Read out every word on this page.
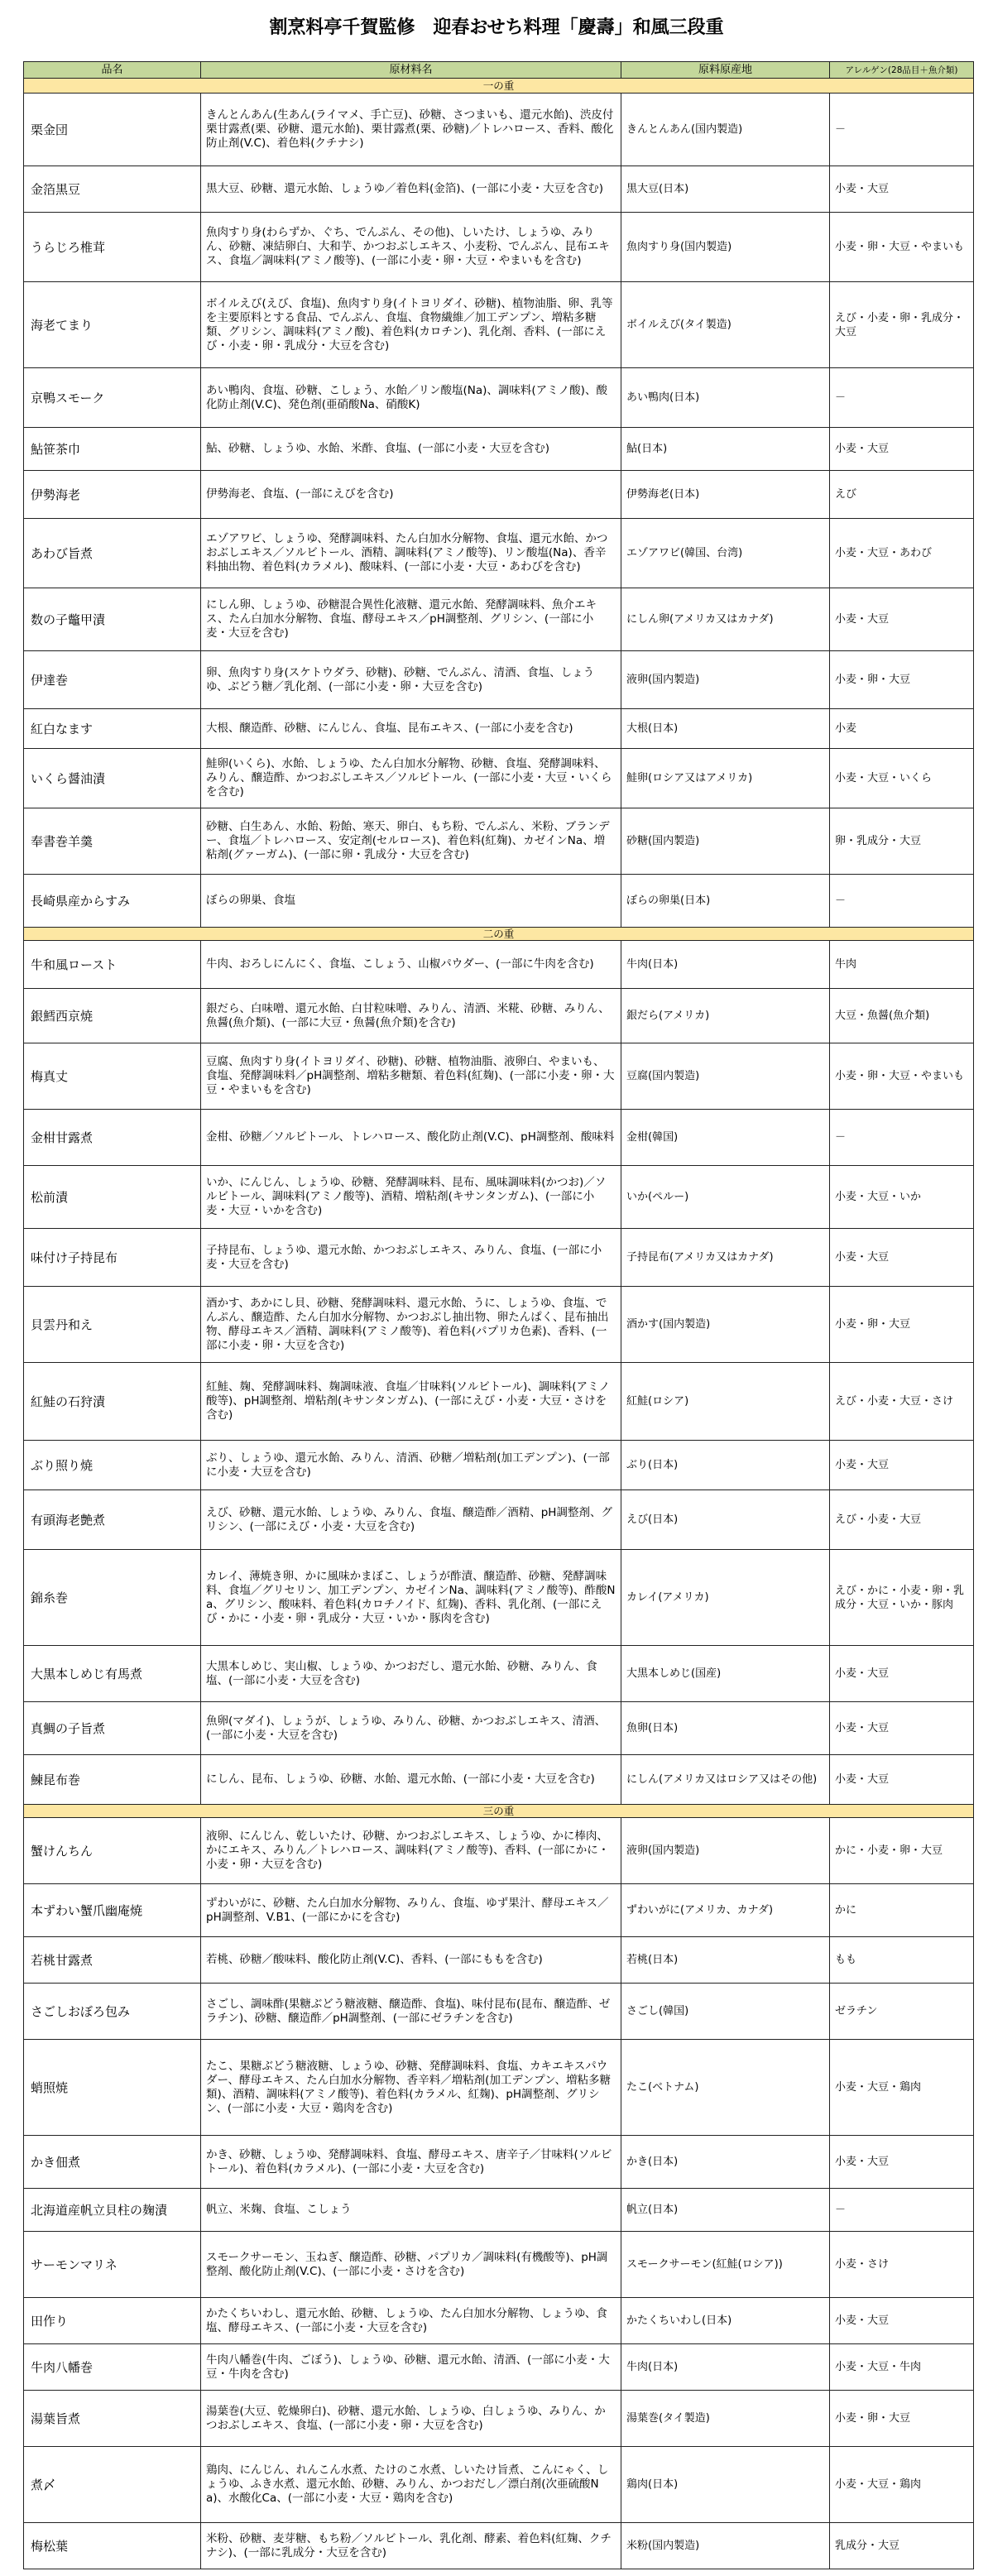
割烹料亭千賀監修　迎春おせち料理「慶壽」和風三段重
品名	原材料名	原料原産地	アレルゲン(28品目＋魚介類)
一の重			
栗金団	きんとんあん(生あん(ライマメ、手亡豆)、砂糖、さつまいも、還元水飴)、渋皮付栗甘露煮(栗、砂糖、還元水飴)、栗甘露煮(栗、砂糖)／トレハロース、香料、酸化防止剤(V.C)、着色料(クチナシ)	きんとんあん(国内製造)	－
金箔黒豆	黒大豆、砂糖、還元水飴、しょうゆ／着色料(金箔)、(一部に小麦・大豆を含む)	黒大豆(日本)	小麦・大豆
うらじろ椎茸	魚肉すり身(わらずか、ぐち、でんぷん、その他)、しいたけ、しょうゆ、みりん、砂糖、凍結卵白、大和芋、かつおぶしエキス、小麦粉、でんぷん、昆布エキス、食塩／調味料(アミノ酸等)、(一部に小麦・卵・大豆・やまいもを含む)	魚肉すり身(国内製造)	小麦・卵・大豆・やまいも
海老てまり	ボイルえび(えび、食塩)、魚肉すり身(イトヨリダイ、砂糖)、植物油脂、卵、乳等を主要原料とする食品、でんぷん、食塩、食物繊維／加工デンプン、増粘多糖類、グリシン、調味料(アミノ酸)、着色料(カロチン)、乳化剤、香料、(一部にえび・小麦・卵・乳成分・大豆を含む)	ボイルえび(タイ製造)	えび・小麦・卵・乳成分・大豆
京鴨スモーク	あい鴨肉、食塩、砂糖、こしょう、水飴／リン酸塩(Na)、調味料(アミノ酸)、酸化防止剤(V.C)、発色剤(亜硝酸Na、硝酸K)	あい鴨肉(日本)	－
鮎笹茶巾	鮎、砂糖、しょうゆ、水飴、米酢、食塩、(一部に小麦・大豆を含む)	鮎(日本)	小麦・大豆
伊勢海老	伊勢海老、食塩、(一部にえびを含む)	伊勢海老(日本)	えび
あわび旨煮	エゾアワビ、しょうゆ、発酵調味料、たん白加水分解物、食塩、還元水飴、かつおぶしエキス／ソルビトール、酒精、調味料(アミノ酸等)、リン酸塩(Na)、香辛料抽出物、着色料(カラメル)、酸味料、(一部に小麦・大豆・あわびを含む)	エゾアワビ(韓国、台湾)	小麦・大豆・あわび
数の子鼈甲漬	にしん卵、しょうゆ、砂糖混合異性化液糖、還元水飴、発酵調味料、魚介エキス、たん白加水分解物、食塩、酵母エキス／pH調整剤、グリシン、(一部に小麦・大豆を含む)	にしん卵(アメリカ又はカナダ)	小麦・大豆
伊達巻	卵、魚肉すり身(スケトウダラ、砂糖)、砂糖、でんぷん、清酒、食塩、しょうゆ、ぶどう糖／乳化剤、(一部に小麦・卵・大豆を含む)	液卵(国内製造)	小麦・卵・大豆
紅白なます	大根、醸造酢、砂糖、にんじん、食塩、昆布エキス、(一部に小麦を含む)	大根(日本)	小麦
いくら醤油漬	鮭卵(いくら)、水飴、しょうゆ、たん白加水分解物、砂糖、食塩、発酵調味料、みりん、醸造酢、かつおぶしエキス／ソルビトール、(一部に小麦・大豆・いくらを含む)	鮭卵(ロシア又はアメリカ)	小麦・大豆・いくら
奉書巻羊羹	砂糖、白生あん、水飴、粉飴、寒天、卵白、もち粉、でんぷん、米粉、ブランデー、食塩／トレハロース、安定剤(セルロース)、着色料(紅麹)、カゼインNa、増粘剤(グァーガム)、(一部に卵・乳成分・大豆を含む)	砂糖(国内製造)	卵・乳成分・大豆
長崎県産からすみ	ぼらの卵巣、食塩	ぼらの卵巣(日本)	－
二の重			
牛和風ロースト	牛肉、おろしにんにく、食塩、こしょう、山椒パウダー、(一部に牛肉を含む)	牛肉(日本)	牛肉
銀鱈西京焼	銀だら、白味噌、還元水飴、白甘粒味噌、みりん、清酒、米糀、砂糖、みりん、魚醤(魚介類)、(一部に大豆・魚醤(魚介類)を含む)	銀だら(アメリカ)	大豆・魚醤(魚介類)
梅真丈	豆腐、魚肉すり身(イトヨリダイ、砂糖)、砂糖、植物油脂、液卵白、やまいも、食塩、発酵調味料／pH調整剤、増粘多糖類、着色料(紅麹)、(一部に小麦・卵・大豆・やまいもを含む)	豆腐(国内製造)	小麦・卵・大豆・やまいも
金柑甘露煮	金柑、砂糖／ソルビトール、トレハロース、酸化防止剤(V.C)、pH調整剤、酸味料	金柑(韓国)	－
松前漬	いか、にんじん、しょうゆ、砂糖、発酵調味料、昆布、風味調味料(かつお)／ソルビトール、調味料(アミノ酸等)、酒精、増粘剤(キサンタンガム)、(一部に小麦・大豆・いかを含む)	いか(ペルー)	小麦・大豆・いか
味付け子持昆布	子持昆布、しょうゆ、還元水飴、かつおぶしエキス、みりん、食塩、(一部に小麦・大豆を含む)	子持昆布(アメリカ又はカナダ)	小麦・大豆
貝雲丹和え	酒かす、あかにし貝、砂糖、発酵調味料、還元水飴、うに、しょうゆ、食塩、でんぷん、醸造酢、たん白加水分解物、かつおぶし抽出物、卵たんぱく、昆布抽出物、酵母エキス／酒精、調味料(アミノ酸等)、着色料(パプリカ色素)、香料、(一部に小麦・卵・大豆を含む)	酒かす(国内製造)	小麦・卵・大豆
紅鮭の石狩漬	紅鮭、麹、発酵調味料、麹調味液、食塩／甘味料(ソルビトール)、調味料(アミノ酸等)、pH調整剤、増粘剤(キサンタンガム)、(一部にえび・小麦・大豆・さけを含む)	紅鮭(ロシア)	えび・小麦・大豆・さけ
ぶり照り焼	ぶり、しょうゆ、還元水飴、みりん、清酒、砂糖／増粘剤(加工デンプン)、(一部に小麦・大豆を含む)	ぶり(日本)	小麦・大豆
有頭海老艶煮	えび、砂糖、還元水飴、しょうゆ、みりん、食塩、醸造酢／酒精、pH調整剤、グリシン、(一部にえび・小麦・大豆を含む)	えび(日本)	えび・小麦・大豆
錦糸巻	カレイ、薄焼き卵、かに風味かまぼこ、しょうが酢漬、醸造酢、砂糖、発酵調味料、食塩／グリセリン、加工デンプン、カゼインNa、調味料(アミノ酸等)、酢酸Na、グリシン、酸味料、着色料(カロチノイド、紅麹)、香料、乳化剤、(一部にえび・かに・小麦・卵・乳成分・大豆・いか・豚肉を含む)	カレイ(アメリカ)	えび・かに・小麦・卵・乳成分・大豆・いか・豚肉
大黒本しめじ有馬煮	大黒本しめじ、実山椒、しょうゆ、かつおだし、還元水飴、砂糖、みりん、食塩、(一部に小麦・大豆を含む)	大黒本しめじ(国産)	小麦・大豆
真鯛の子旨煮	魚卵(マダイ)、しょうが、しょうゆ、みりん、砂糖、かつおぶしエキス、清酒、(一部に小麦・大豆を含む)	魚卵(日本)	小麦・大豆
鰊昆布巻	にしん、昆布、しょうゆ、砂糖、水飴、還元水飴、(一部に小麦・大豆を含む)	にしん(アメリカ又はロシア又はその他)	小麦・大豆
三の重			
蟹けんちん	液卵、にんじん、乾しいたけ、砂糖、かつおぶしエキス、しょうゆ、かに棒肉、かにエキス、みりん／トレハロース、調味料(アミノ酸等)、香料、(一部にかに・小麦・卵・大豆を含む)	液卵(国内製造)	かに・小麦・卵・大豆
本ずわい蟹爪幽庵焼	ずわいがに、砂糖、たん白加水分解物、みりん、食塩、ゆず果汁、酵母エキス／pH調整剤、V.B1、(一部にかにを含む)	ずわいがに(アメリカ、カナダ)	かに
若桃甘露煮	若桃、砂糖／酸味料、酸化防止剤(V.C)、香料、(一部にももを含む)	若桃(日本)	もも
さごしおぼろ包み	さごし、調味酢(果糖ぶどう糖液糖、醸造酢、食塩)、味付昆布(昆布、醸造酢、ゼラチン)、砂糖、醸造酢／pH調整剤、(一部にゼラチンを含む)	さごし(韓国)	ゼラチン
蛸照焼	たこ、果糖ぶどう糖液糖、しょうゆ、砂糖、発酵調味料、食塩、カキエキスパウダー、酵母エキス、たん白加水分解物、香辛料／増粘剤(加工デンプン、増粘多糖類)、酒精、調味料(アミノ酸等)、着色料(カラメル、紅麹)、pH調整剤、グリシン、(一部に小麦・大豆・鶏肉を含む)	たこ(ベトナム)	小麦・大豆・鶏肉
かき佃煮	かき、砂糖、しょうゆ、発酵調味料、食塩、酵母エキス、唐辛子／甘味料(ソルビトール)、着色料(カラメル)、(一部に小麦・大豆を含む)	かき(日本)	小麦・大豆
北海道産帆立貝柱の麹漬	帆立、米麹、食塩、こしょう	帆立(日本)	－
サーモンマリネ	スモークサーモン、玉ねぎ、醸造酢、砂糖、パプリカ／調味料(有機酸等)、pH調整剤、酸化防止剤(V.C)、(一部に小麦・さけを含む)	スモークサーモン(紅鮭(ロシア))	小麦・さけ
田作り	かたくちいわし、還元水飴、砂糖、しょうゆ、たん白加水分解物、しょうゆ、食塩、酵母エキス、(一部に小麦・大豆を含む)	かたくちいわし(日本)	小麦・大豆
牛肉八幡巻	牛肉八幡巻(牛肉、ごぼう)、しょうゆ、砂糖、還元水飴、清酒、(一部に小麦・大豆・牛肉を含む)	牛肉(日本)	小麦・大豆・牛肉
湯葉旨煮	湯葉巻(大豆、乾燥卵白)、砂糖、還元水飴、しょうゆ、白しょうゆ、みりん、かつおぶしエキス、食塩、(一部に小麦・卵・大豆を含む)	湯葉巻(タイ製造)	小麦・卵・大豆
煮〆	鶏肉、にんじん、れんこん水煮、たけのこ水煮、しいたけ旨煮、こんにゃく、しょうゆ、ふき水煮、還元水飴、砂糖、みりん、かつおだし／漂白剤(次亜硫酸Na)、水酸化Ca、(一部に小麦・大豆・鶏肉を含む)	鶏肉(日本)	小麦・大豆・鶏肉
梅松葉	米粉、砂糖、麦芽糖、もち粉／ソルビトール、乳化剤、酵素、着色料(紅麹、クチナシ)、(一部に乳成分・大豆を含む)	米粉(国内製造)	乳成分・大豆
